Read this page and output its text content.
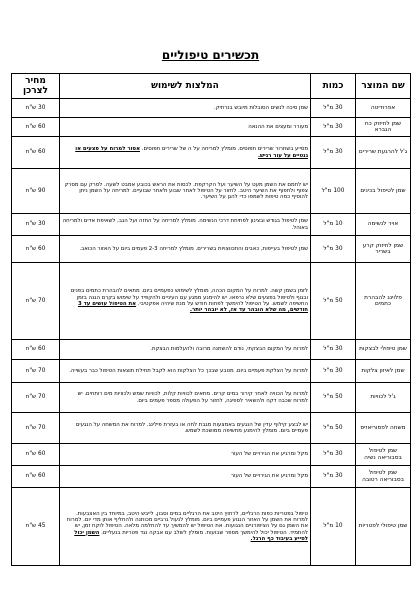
תכשירים טיפוליים
שם המוצר	כמות	המלצות לשימוש	מחיר לצרכן
אפרודיטה	30 מ"ל	שמן סיכה לנשים הסובלות מיובש בנרתיק.	30 ש"ח
שמן לחיזוק כח הגברא	30 מ"ל	מעורר ומעצים את ההנאה	60 ש"ח
ג'ל להרגעת שרירים	30 מ"ל	מסייע בשחרור שרירים תפוסים. מומלץ למריחה על ה של שרירים תפוסים. אסור למרוח על פצעים או גנטיים על עור רגיש.	60 ש"ח
שמן לטיפול בכינים	100 מ"ל	יש לחמם את השמן מעט על השיער ועל הקרקפת. לכסות את הראש בכובע אמבט לשעה. לסרק עם מסרק צפוף ולחפוף את השיער היטב. לחזור על הטיפול לאחר שבוע ולאחר שבועיים. למריחה על השמן ניתן להוסיף כמה טיפות לשמפו כדי להגן על השיער.	90 ש"ח
אויר לנשימה	10 מ"ל	שמן לטיפול בגודש ובצינון לפתיחת דרכי הנשימה. מומלץ למריחה על החזה ועל הגב, לשאיפת אדים ולמריחה באוהל.	30 ש"ח
שמן לחיזוק קרע בשריר	30 מ"ל	שמן לטיפול בעייפות, כאבים והתכווצויות בשרירים. מומלץ למריחה 2-3 פעמים ביום על האזור הכואב.	60 ש"ח
פלוינג להבהרת כתמים	50 מ"ל	לזמן בשמן קשה. למרוח על המקום הכהה, מומלץ לשימוש כפעמיים ביום. מתאים להבהרת כתמים בפנים ובגוף ולטיפול בפצעים שלא נרפאו. יש להימנע ממגע עם העיניים ולהקפיד על שימוש בקרם הגנה בזמן החשיפה לשמש. על הטיפול להימשך לפחות חודש על מנת שיהיה אפקטיבי. את הטיפול עושים עד 3 חודשים, מה שלא הובהר עד אז, לא יובהר יותר.	70 ש"ח
שמן טיפולי לבצקות	30 מ"ל	למרוח על המקום הבצקתי, נודם להשתנה מרובה ולהעלמות הבצקת.	60 ש"ח
שמן לאיזון צלקות	30 מ"ל	למרוח על הצלקת פעמיים ביום. מטבע שבכך כל הצלקות הוא לקבל תחילת תוצאות הטיפול כבר בעשייה.	70 ש"ח
ג'ל לכוויות	50 מ"ל	למרוח על הכוויה לאחר קירור במים קרים. מתאים לכוויות קלות, לכוויות שמש ולכוויות מים רותחים. יש למרוח שכבה דקה ולהשאיר לספיגה, לחזור על הפעולה מספר פעמים ביום.	70 ש"ח
משחה לפסוריאזיס	50 מ"ל	יש לבצע קילוף עדין של הנגעים באמצעות מגבת לחה או בעזרת פילינג. למרוח את המשחה על הנגעים פעמיים ביום. מומלץ להימנע מחשיפה ממושכת לשמש.	70 ש"ח
שמן לטיפול בסבוריאה נשיה	30 מ"ל	מקל ומרגיע את הגירויים של העור	60 ש"ח
שמן לטיפול בסבוריאה רטובה	30 מ"ל	מקל ומרגיע את הגירויים של העור	60 ש"ח
שמן טיפולי לפטריות	10 מ"ל	טיפול בפטריות כפות הרגליים, לרחוץ היטב את הרגליים במים וסבון, לייבש היטב, במיוחד בין האצבעות. למרוח את השמן על האזור הנגוע פעמיים ביום. מומלץ לנעול גרביים מכותנה ולהחליף אותן מדי יום. למרוח את השמן גם על הציפורניים הנגועות. את הטיפול יש להמשיך עד להחלמה מלאה. הטיפול לוקח זמן, יש להתמיד. הטיפול יכול להימשך מספר שבועות. מומלץ לשלב עם אבקה נגד פטריות בנעליים. השמן יכול לסייע בעיבוד כף הרגל.	45 ש"ח
